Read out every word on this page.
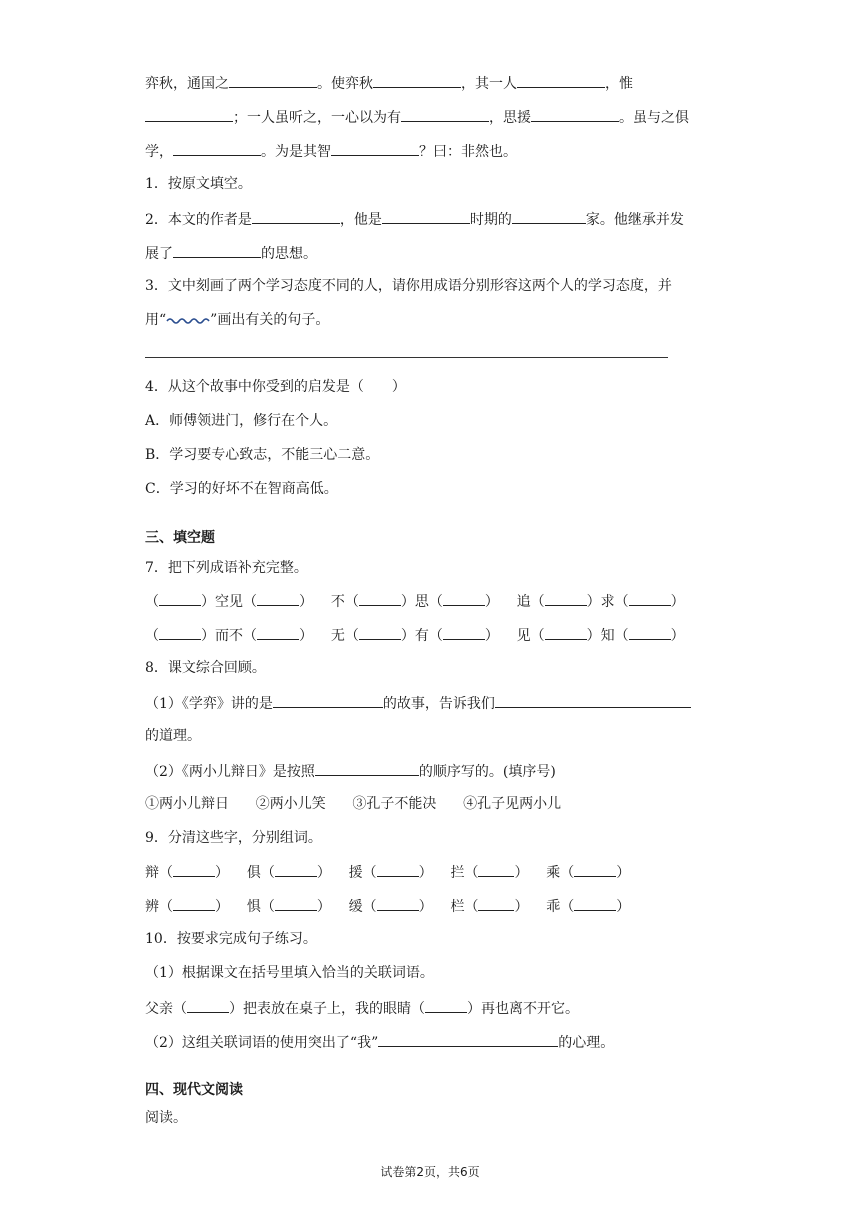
弈秋，通国之	。使弈秋	，其一人	，惟
；一人虽听之，一心以为有	，思援	。虽与之俱
学，	。为是其智	？曰：非然也。
1．按原文填空。
2．本文的作者是	，他是	时期的	家。他继承并发
展了	的思想。
3．文中刻画了两个学习态度不同的人，请你用成语分别形容这两个人的学习态度，并
用“	”画出有关的句子。
4．从这个故事中你受到的启发是（　　）
A．师傅领进门，修行在个人。
B．学习要专心致志，不能三心二意。
C．学习的好坏不在智商高低。
三、填空题
7．把下列成语补充完整。
（	）空见（	）    不（	）思（	）    追（	）求（	）
（	）而不（	）    无（	）有（	）    见（	）知（	）
8．课文综合回顾。
（1）《学弈》讲的是	的故事，告诉我们
的道理。
（2）《两小儿辩日》是按照	的顺序写的。(填序号)
①两小儿辩日 ②两小儿笑 ③孔子不能决 ④孔子见两小儿
9．分清这些字，分别组词。
辩（	）    俱（	）    援（	）    拦（	）    乘（	）
辨（	）    惧（	）    缓（	）    栏（	）    乖（	）
10．按要求完成句子练习。
（1）根据课文在括号里填入恰当的关联词语。
父亲（	）把表放在桌子上，我的眼睛（	）再也离不开它。
（2）这组关联词语的使用突出了“我”	的心理。
四、现代文阅读
阅读。
试卷第2页，共6页
